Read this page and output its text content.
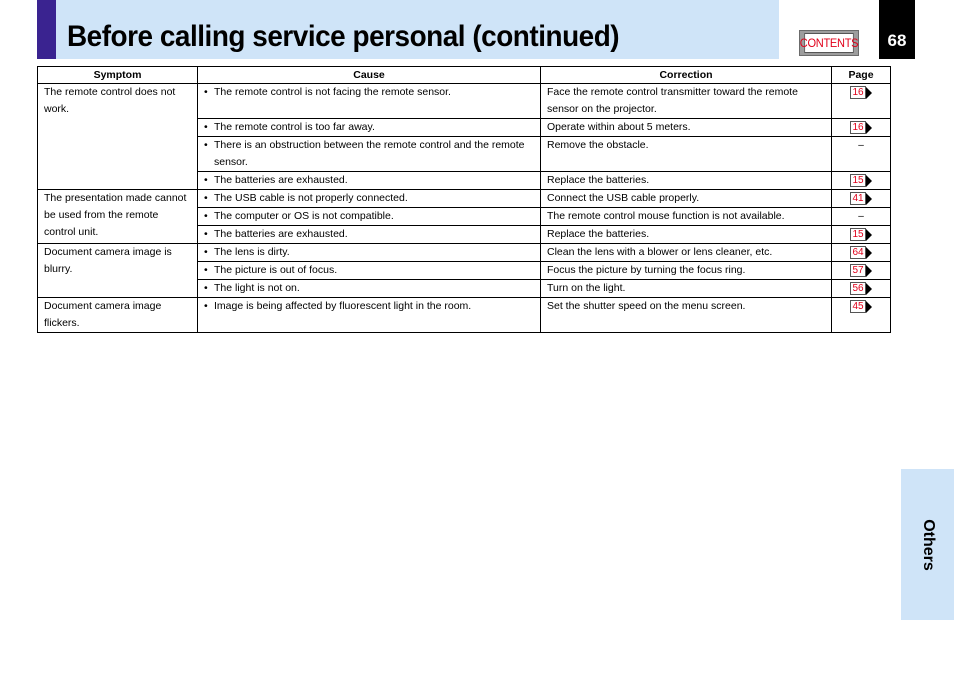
Before calling service personal (continued)	CONTENTS	68
Others
Symptom	Cause	Correction	Page
The remote control does not work.	• The remote control is not facing the remote sensor.	Face the remote control transmitter toward the remote sensor on the projector.	16

	• The remote control is too far away.	Operate within about 5 meters.	16

	• There is an obstruction between the remote control and the remote sensor.	Remove the obstacle.	–

	• The batteries are exhausted.	Replace the batteries.	15

The presentation made cannot be used from the remote control unit.	• The USB cable is not properly connected.	Connect the USB cable properly.	41

	• The computer or OS is not compatible.	The remote control mouse function is not available.	–

	• The batteries are exhausted.	Replace the batteries.	15

Document camera image is blurry.	• The lens is dirty.	Clean the lens with a blower or lens cleaner, etc.	64

	• The picture is out of focus.	Focus the picture by turning the focus ring.	57

	• The light is not on.	Turn on the light.	56

Document camera image flickers.	• Image is being affected by fluorescent light in the room.	Set the shutter speed on the menu screen.	45
